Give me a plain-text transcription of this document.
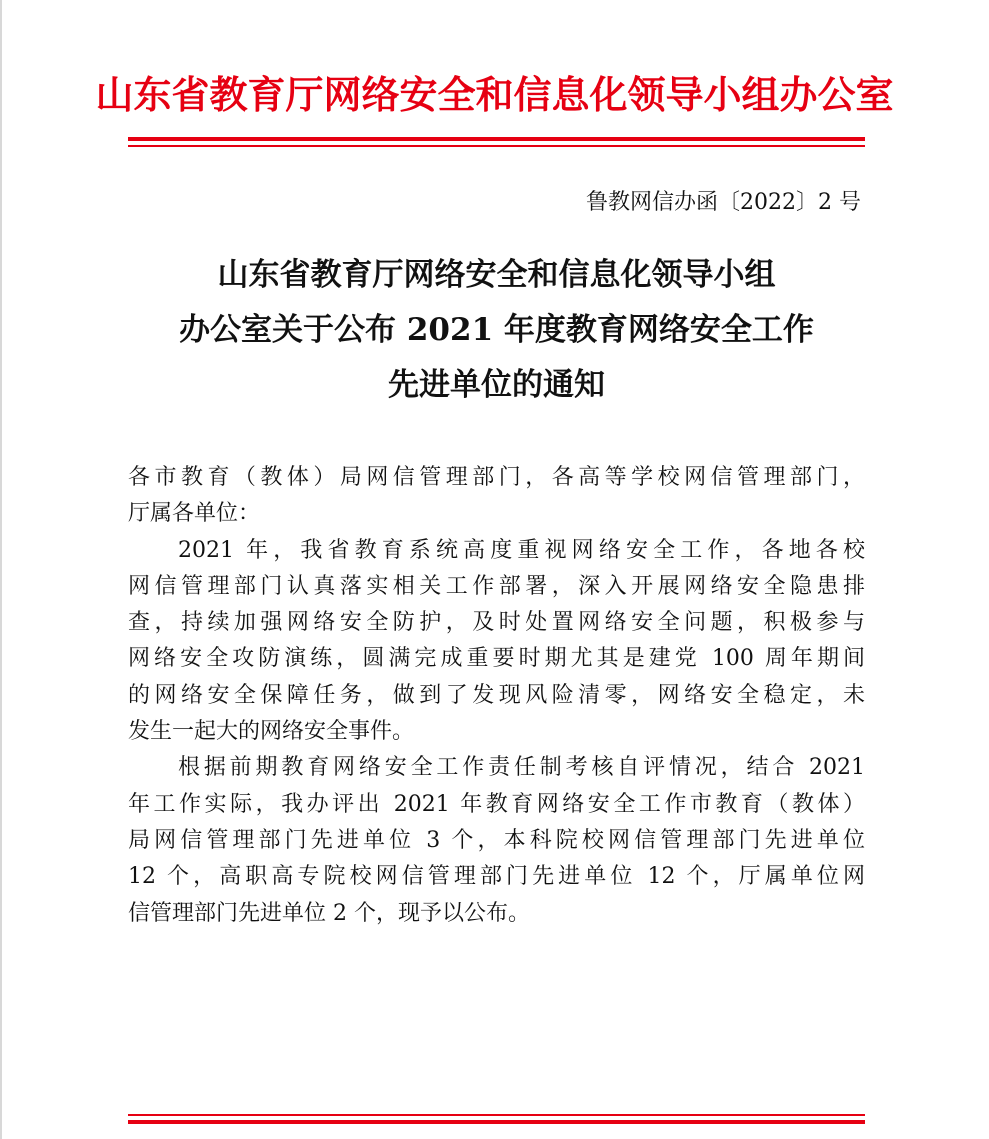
山东省教育厅网络安全和信息化领导小组办公室
鲁教网信办函〔2022〕2 号
山东省教育厅网络安全和信息化领导小组
办公室关于公布 2021 年度教育网络安全工作
先进单位的通知
各市教育（教体）局网信管理部门，各高等学校网信管理部门，
厅属各单位：
2021 年，我省教育系统高度重视网络安全工作，各地各校
网信管理部门认真落实相关工作部署，深入开展网络安全隐患排
查，持续加强网络安全防护，及时处置网络安全问题，积极参与
网络安全攻防演练，圆满完成重要时期尤其是建党 100 周年期间
的网络安全保障任务，做到了发现风险清零，网络安全稳定，未
发生一起大的网络安全事件。
根据前期教育网络安全工作责任制考核自评情况，结合 2021
年工作实际，我办评出 2021 年教育网络安全工作市教育（教体）
局网信管理部门先进单位 3 个，本科院校网信管理部门先进单位
12 个，高职高专院校网信管理部门先进单位 12 个，厅属单位网
信管理部门先进单位 2 个，现予以公布。
